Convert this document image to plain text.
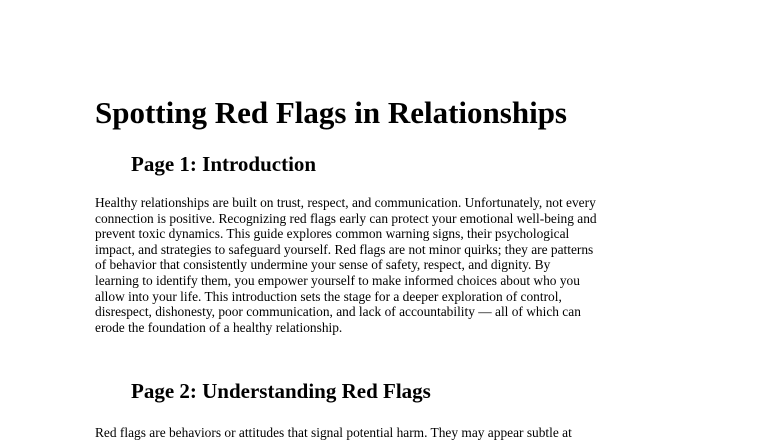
Spotting Red Flags in Relationships
Page 1: Introduction

Healthy relationships are built on trust, respect, and communication. Unfortunately, not every
connection is positive. Recognizing red flags early can protect your emotional well-being and
prevent toxic dynamics. This guide explores common warning signs, their psychological
impact, and strategies to safeguard yourself. Red flags are not minor quirks; they are patterns
of behavior that consistently undermine your sense of safety, respect, and dignity. By
learning to identify them, you empower yourself to make informed choices about who you
allow into your life. This introduction sets the stage for a deeper exploration of control,
disrespect, dishonesty, poor communication, and lack of accountability — all of which can
erode the foundation of a healthy relationship.

Page 2: Understanding Red Flags

Red flags are behaviors or attitudes that signal potential harm. They may appear subtle at
